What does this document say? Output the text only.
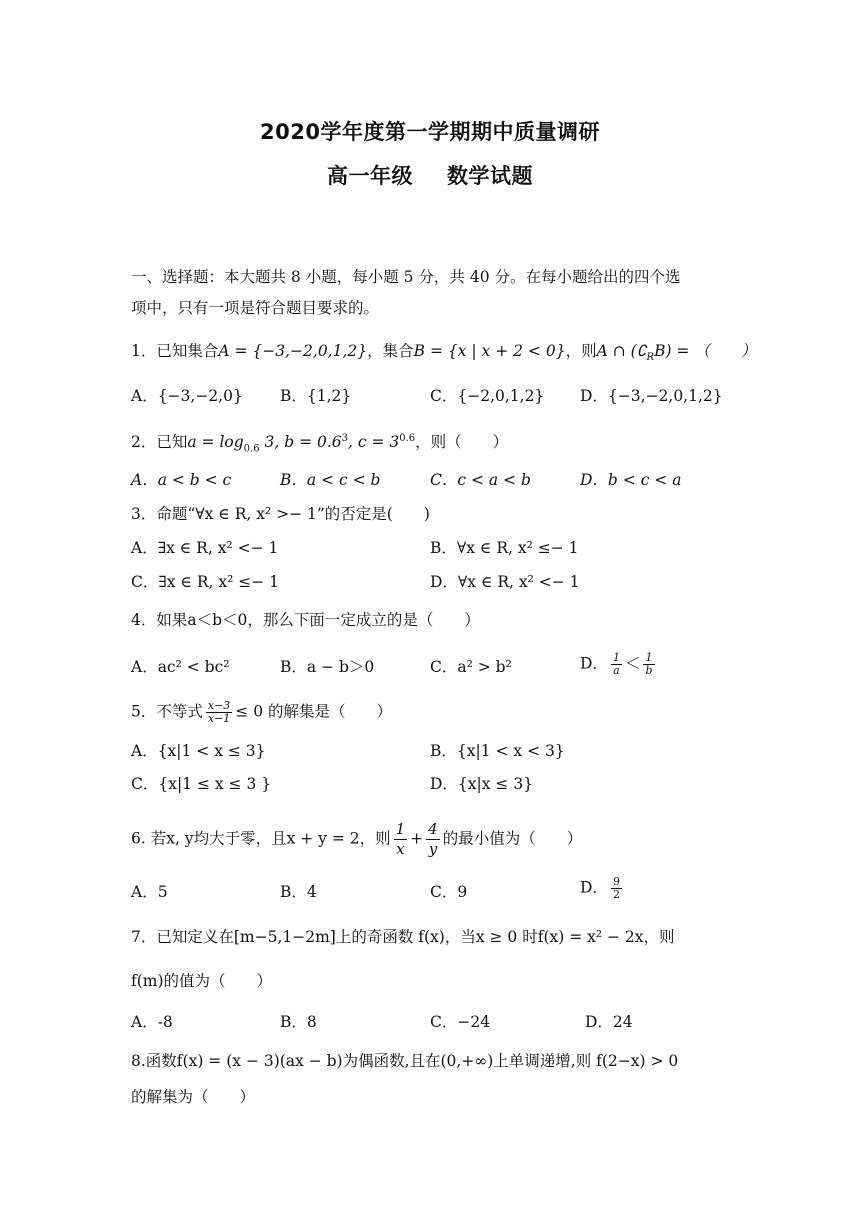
2020学年度第一学期期中质量调研
高一年级 数学试题
一、选择题：本大题共 8 小题，每小题 5 分，共 40 分。在每小题给出的四个选
项中，只有一项是符合题目要求的。
1．已知集合A = {−3,−2,0,1,2}，集合B = {x | x + 2 < 0}，则A ∩ $(∁_RB)$ = （　　）
A．{−3,−2,0} B．{1,2}	C．{−2,0,1,2} D．{−3,−2,0,1,2}
2．已知$a = \log_{0.6} 3$, $b = 0.6^3$, $c = 3^{0.6}$，则（　　）
A．a < b < c	B．a < c < b	C．c < a < b	D．b < c < a
3．命题“∀x ∈ R, x² >− 1”的否定是(　　)
A．∃x ∈ R, x² <− 1	B．∀x ∈ R, x² ≤− 1
C．∃x ∈ R, x² ≤− 1	D．∀x ∈ R, x² <− 1
4．如果a＜b＜0，那么下面一定成立的是（　　）
A．ac² < bc²	B．a − b＞0	C．a² > b²	D． $\frac{1}{a} < \frac{1}{b}$
5．不等式 $\frac{x-3}{x-1} \le 0$ 的解集是（　　）
A．{x|1 < x ≤ 3}	B．{x|1 < x < 3}
C．{x|1 ≤ x ≤ 3 }	D．{x|x ≤ 3}
6. 若x, y均大于零，且x + y = 2，则 $\frac{1}{x} + \frac{4}{y}$ 的最小值为（　　）
A．5	B．4	C．9	D． $\frac{9}{2}$
7．已知定义在[m−5,1−2m]上的奇函数 f(x)，当x ≥ 0 时f(x) = x² − 2x，则
f(m)的值为（　　）
A．-8	B．8	C．−24	D．24
8.函数f(x) = (x − 3)(ax − b)为偶函数,且在(0,+∞)上单调递增,则 f(2−x) > 0
的解集为（　　）
